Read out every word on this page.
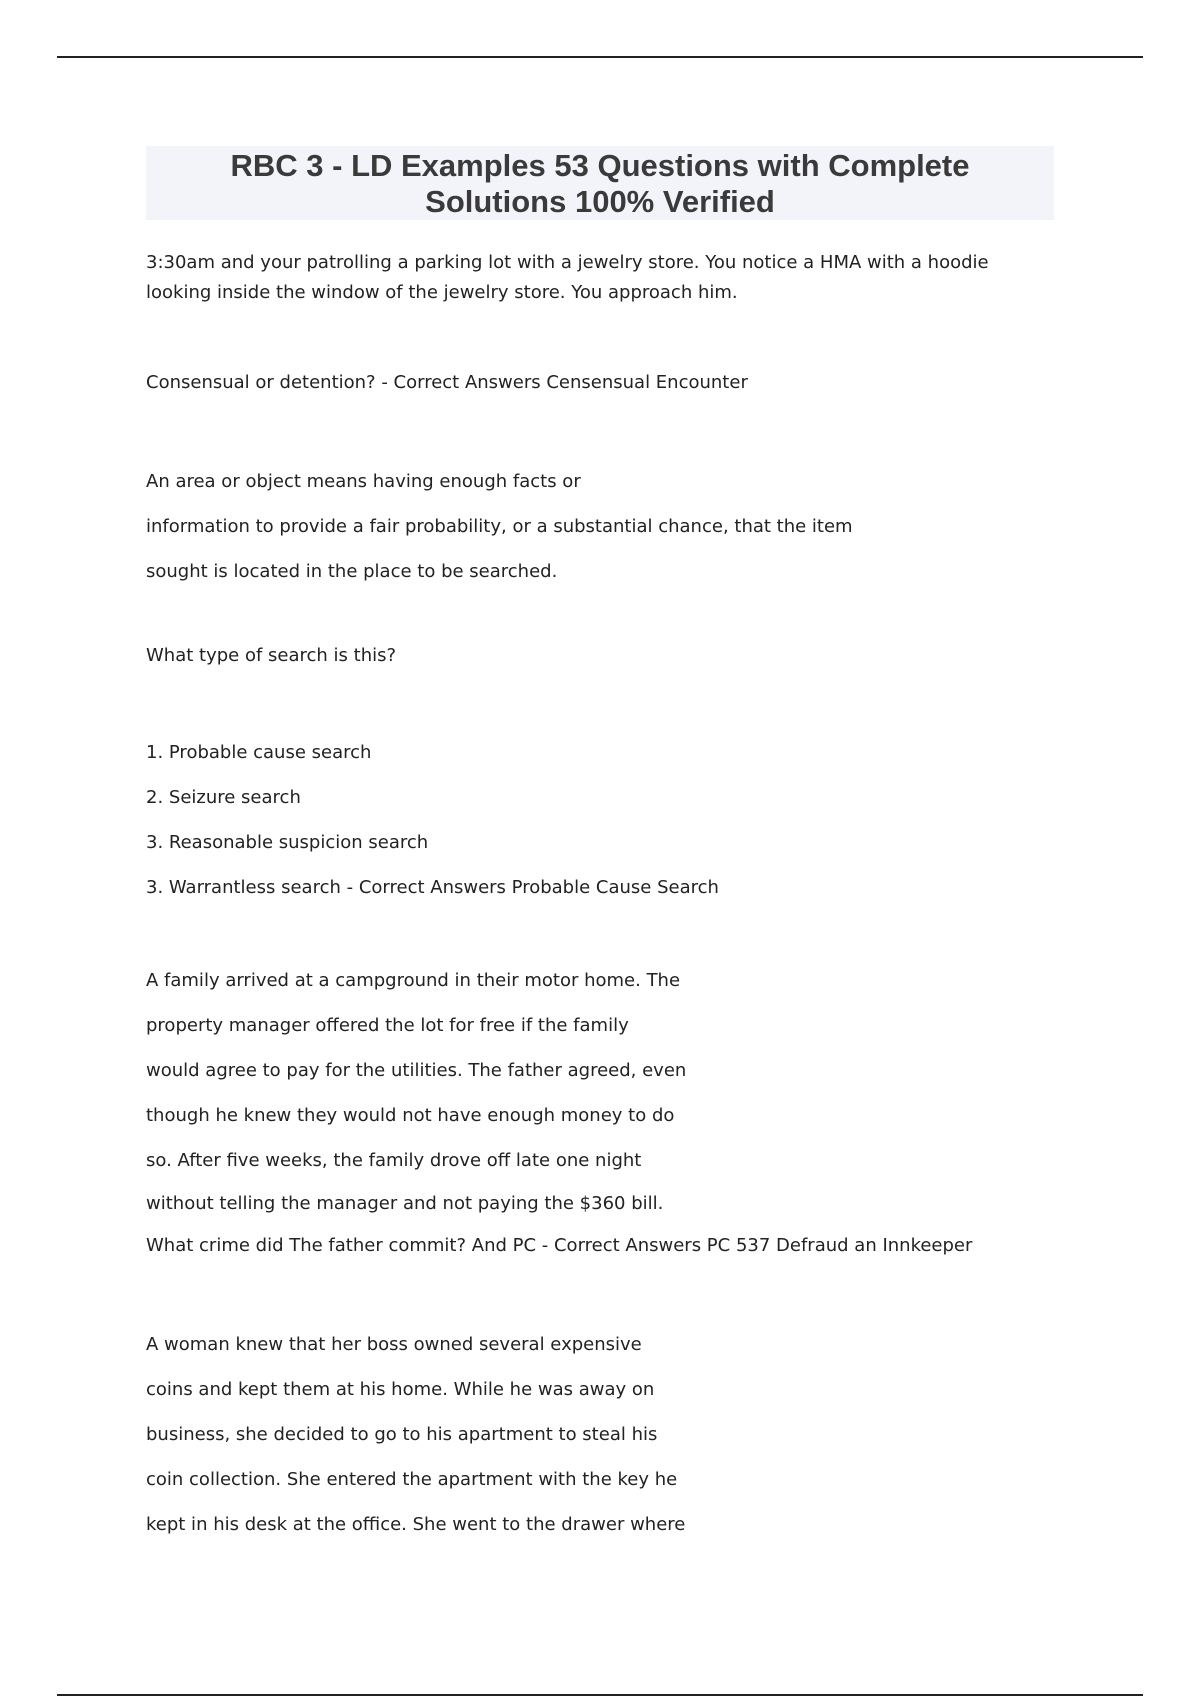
RBC 3 - LD Examples 53 Questions with Complete
Solutions 100% Verified
3:30am and your patrolling a parking lot with a jewelry store. You notice a HMA with a hoodie
looking inside the window of the jewelry store. You approach him.
Consensual or detention? - Correct Answers Censensual Encounter
An area or object means having enough facts or
information to provide a fair probability, or a substantial chance, that the item
sought is located in the place to be searched.
What type of search is this?
1. Probable cause search
2. Seizure search
3. Reasonable suspicion search
3. Warrantless search - Correct Answers Probable Cause Search
A family arrived at a campground in their motor home. The
property manager offered the lot for free if the family
would agree to pay for the utilities. The father agreed, even
though he knew they would not have enough money to do
so. After five weeks, the family drove off late one night
without telling the manager and not paying the $360 bill.
What crime did The father commit? And PC - Correct Answers PC 537 Defraud an Innkeeper
A woman knew that her boss owned several expensive
coins and kept them at his home. While he was away on
business, she decided to go to his apartment to steal his
coin collection. She entered the apartment with the key he
kept in his desk at the office. She went to the drawer where
